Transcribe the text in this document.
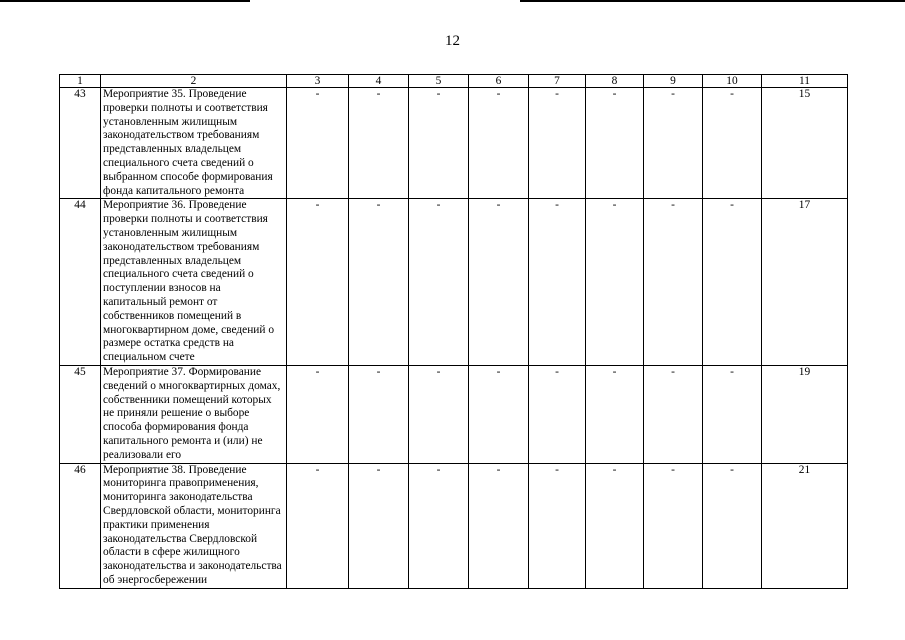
12
1	2	3	4	5	6	7	8	9	10	11
43	Мероприятие 35. Проведение проверки полноты и соответствия установленным жилищным законодательством требованиям представленных владельцем специального счета сведений о выбранном способе формирования фонда капитального ремонта	-	-	-	-	-	-	-	-	15
44	Мероприятие 36. Проведение проверки полноты и соответствия установленным жилищным законодательством требованиям представленных владельцем специального счета сведений о поступлении взносов на капитальный ремонт от собственников помещений в многоквартирном доме, сведений о размере остатка средств на специальном счете	-	-	-	-	-	-	-	-	17
45	Мероприятие 37. Формирование сведений о многоквартирных домах, собственники помещений которых не приняли решение о выборе способа формирования фонда капитального ремонта и (или) не реализовали его	-	-	-	-	-	-	-	-	19
46	Мероприятие 38. Проведение мониторинга правоприменения, мониторинга законодательства Свердловской области, мониторинга практики применения законодательства Свердловской области в сфере жилищного законодательства и законодательства об энергосбережении	-	-	-	-	-	-	-	-	21
